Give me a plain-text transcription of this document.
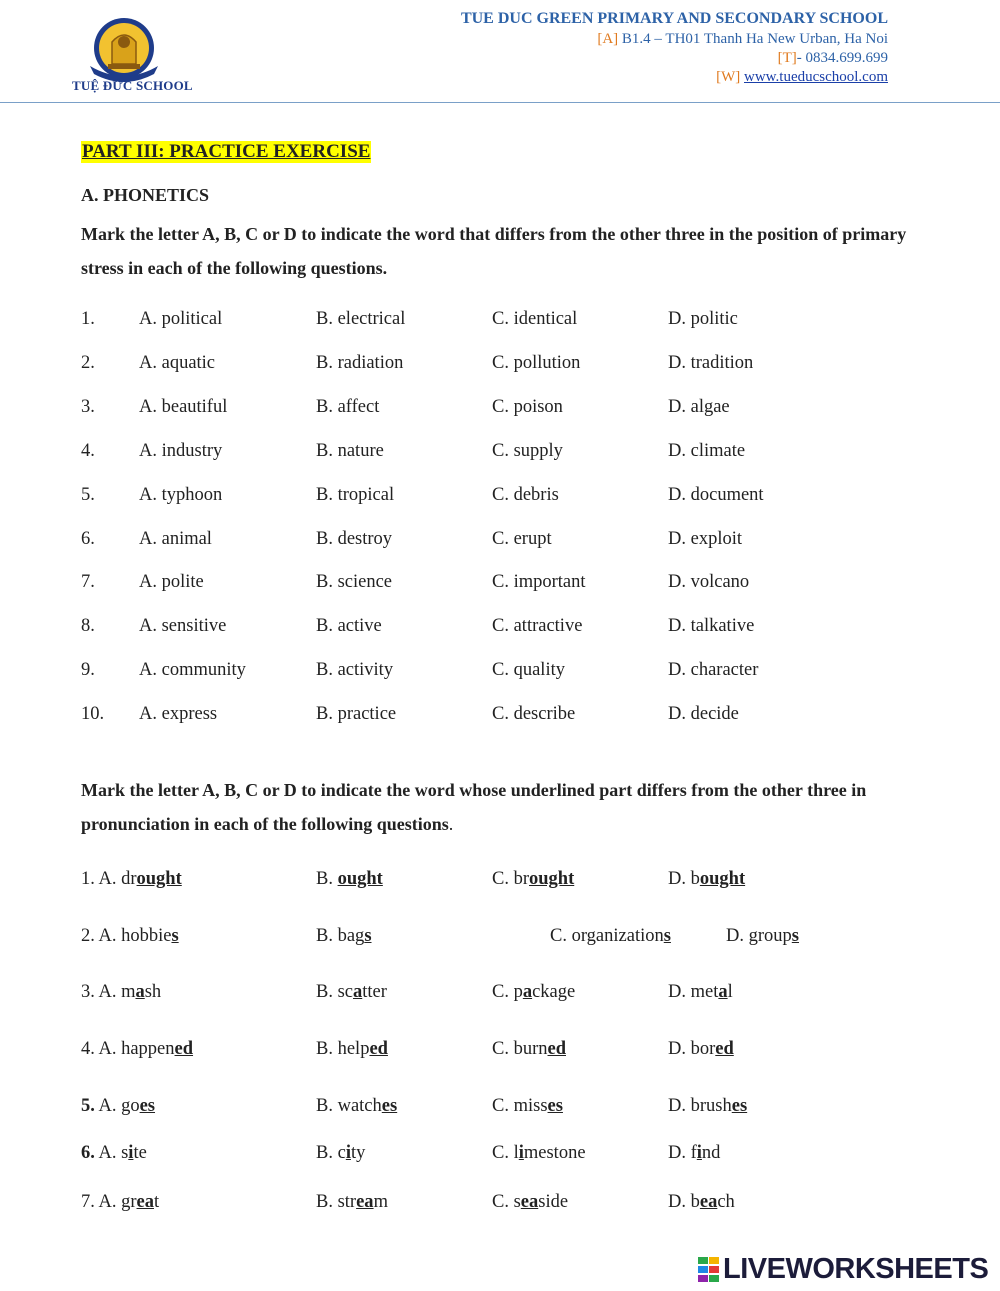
TUỆ ĐỨC SCHOOL
TUE DUC GREEN PRIMARY AND SECONDARY SCHOOL
[A] B1.4 – TH01 Thanh Ha New Urban, Ha Noi
[T]- 0834.699.699
[W] www.tueducschool.com
PART III: PRACTICE EXERCISE
A. PHONETICS
Mark the letter A, B, C or D to indicate the word that differs from the other three in the position of primary stress in each of the following questions.
1. A. political	B. electrical	C. identical	D. politic
2. A. aquatic	B. radiation	C. pollution	D. tradition
3. A. beautiful	B. affect	C. poison	D. algae
4. A. industry	B. nature	C. supply	D. climate
5. A. typhoon	B. tropical	C. debris	D. document
6. A. animal	B. destroy	C. erupt	D. exploit
7. A. polite	B. science	C. important	D. volcano
8. A. sensitive	B. active	C. attractive	D. talkative
9. A. community	B. activity	C. quality	D. character
10. A. express	B. practice	C. describe	D. decide
Mark the letter A, B, C or D to indicate the word whose underlined part differs from the other three in pronunciation in each of the following questions.
1. A. drought	B. ought	C. brought	D. bought
2. A. hobbies	B. bags	C. organizations	D. groups
3. A. mash	B. scatter	C. package	D. metal
4. A. happened	B. helped	C. burned	D. bored
5. A. goes	B. watches	C. misses	D. brushes
6. A. site	B. city	C. limestone	D. find
7. A. great	B. stream	C. seaside	D. beach
LIVEWORKSHEETS
